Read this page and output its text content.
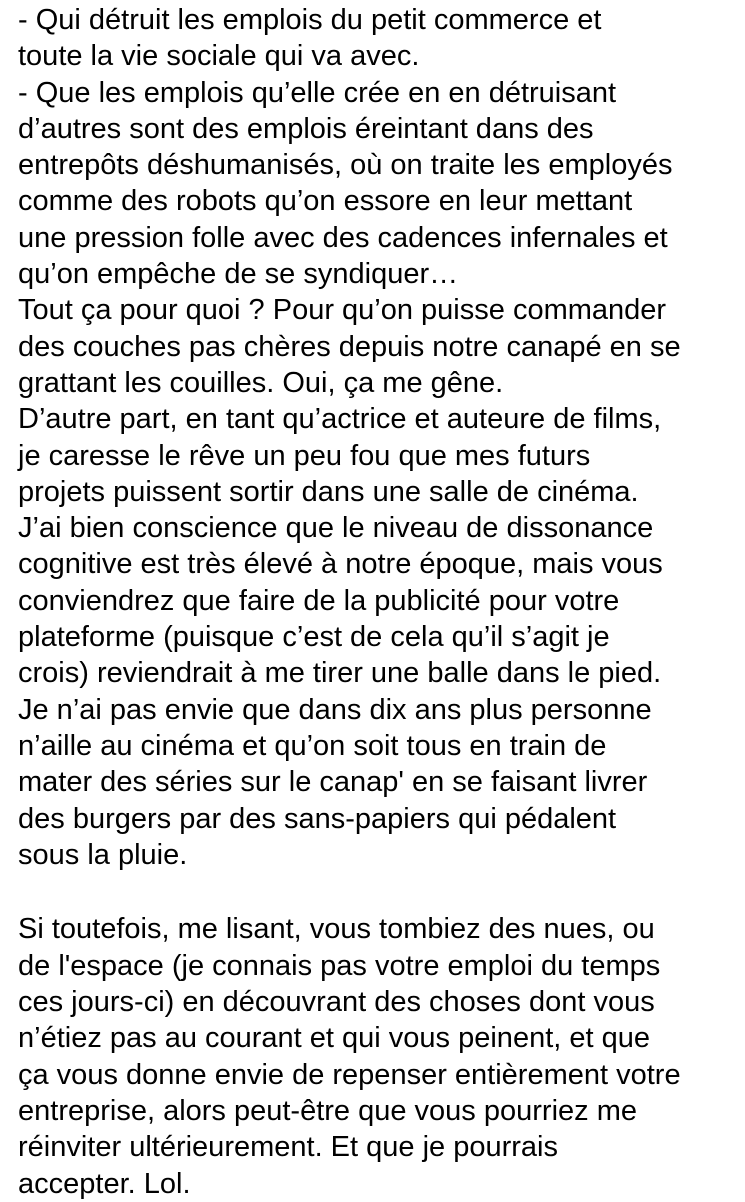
- Qui détruit les emplois du petit commerce et
toute la vie sociale qui va avec.
- Que les emplois qu’elle crée en en détruisant
d’autres sont des emplois éreintant dans des
entrepôts déshumanisés, où on traite les employés
comme des robots qu’on essore en leur mettant
une pression folle avec des cadences infernales et
qu’on empêche de se syndiquer…
Tout ça pour quoi ? Pour qu’on puisse commander
des couches pas chères depuis notre canapé en se
grattant les couilles. Oui, ça me gêne.
D’autre part, en tant qu’actrice et auteure de films,
je caresse le rêve un peu fou que mes futurs
projets puissent sortir dans une salle de cinéma.
J’ai bien conscience que le niveau de dissonance
cognitive est très élevé à notre époque, mais vous
conviendrez que faire de la publicité pour votre
plateforme (puisque c’est de cela qu’il s’agit je
crois) reviendrait à me tirer une balle dans le pied.
Je n’ai pas envie que dans dix ans plus personne
n’aille au cinéma et qu’on soit tous en train de
mater des séries sur le canap' en se faisant livrer
des burgers par des sans-papiers qui pédalent
sous la pluie.
Si toutefois, me lisant, vous tombiez des nues, ou
de l'espace (je connais pas votre emploi du temps
ces jours-ci) en découvrant des choses dont vous
n’étiez pas au courant et qui vous peinent, et que
ça vous donne envie de repenser entièrement votre
entreprise, alors peut-être que vous pourriez me
réinviter ultérieurement. Et que je pourrais
accepter. Lol.
